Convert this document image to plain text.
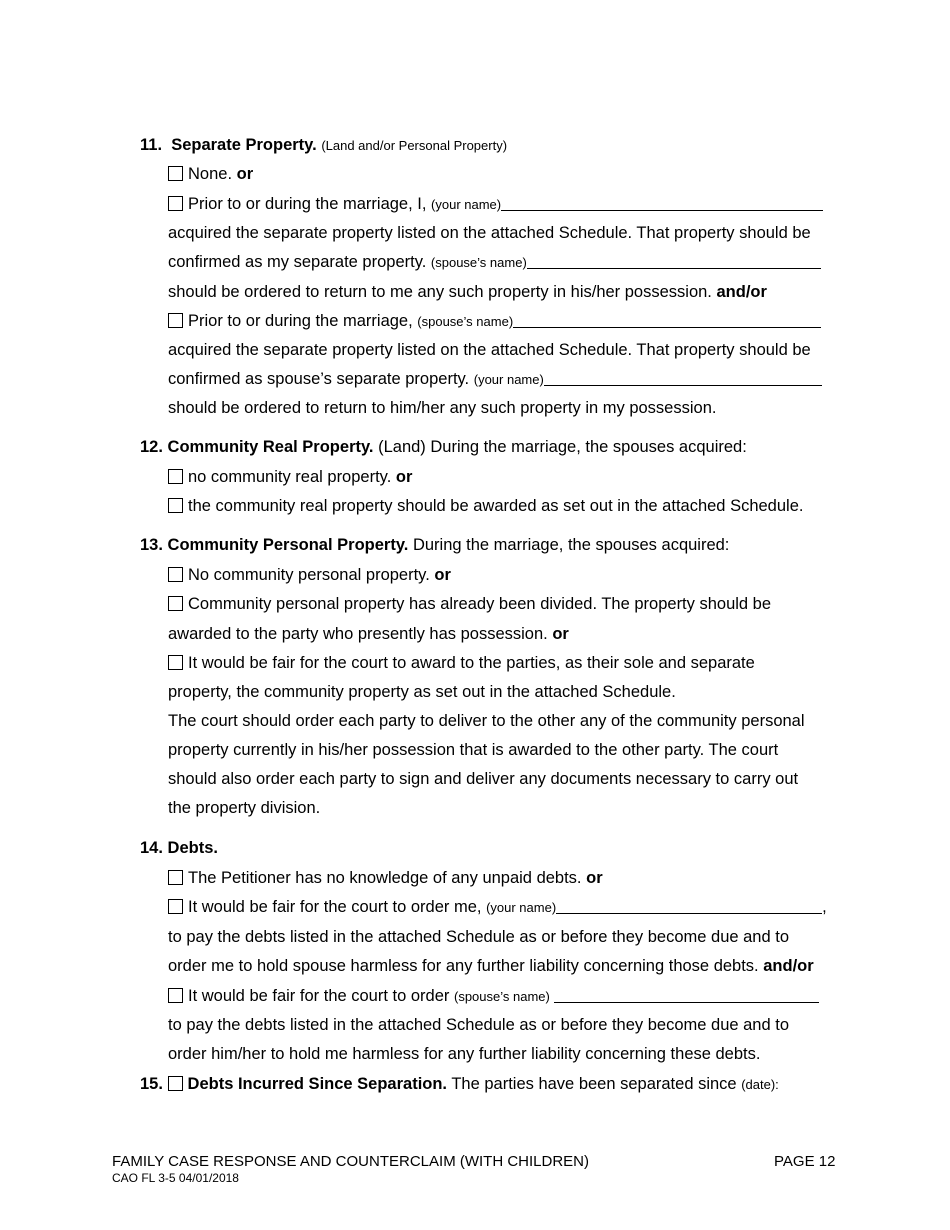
11. Separate Property. (Land and/or Personal Property)
None. or
Prior to or during the marriage, I, (your name)
acquired the separate property listed on the attached Schedule. That property should be
confirmed as my separate property. (spouse’s name)
should be ordered to return to me any such property in his/her possession. and/or
Prior to or during the marriage, (spouse’s name)
acquired the separate property listed on the attached Schedule. That property should be
confirmed as spouse’s separate property. (your name)
should be ordered to return to him/her any such property in my possession.
12. Community Real Property. (Land) During the marriage, the spouses acquired:
no community real property. or
the community real property should be awarded as set out in the attached Schedule.
13. Community Personal Property. During the marriage, the spouses acquired:
No community personal property. or
Community personal property has already been divided. The property should be
awarded to the party who presently has possession. or
It would be fair for the court to award to the parties, as their sole and separate
property, the community property as set out in the attached Schedule.
The court should order each party to deliver to the other any of the community personal
property currently in his/her possession that is awarded to the other party. The court
should also order each party to sign and deliver any documents necessary to carry out
the property division.
14. Debts.
The Petitioner has no knowledge of any unpaid debts. or
It would be fair for the court to order me, (your name)	,
to pay the debts listed in the attached Schedule as or before they become due and to
order me to hold spouse harmless for any further liability concerning those debts. and/or
It would be fair for the court to order (spouse’s name)
to pay the debts listed in the attached Schedule as or before they become due and to
order him/her to hold me harmless for any further liability concerning these debts.
15. Debts Incurred Since Separation. The parties have been separated since (date):
FAMILY CASE RESPONSE AND COUNTERCLAIM (WITH CHILDREN)
CAO FL 3-5 04/01/2018
PAGE 12
